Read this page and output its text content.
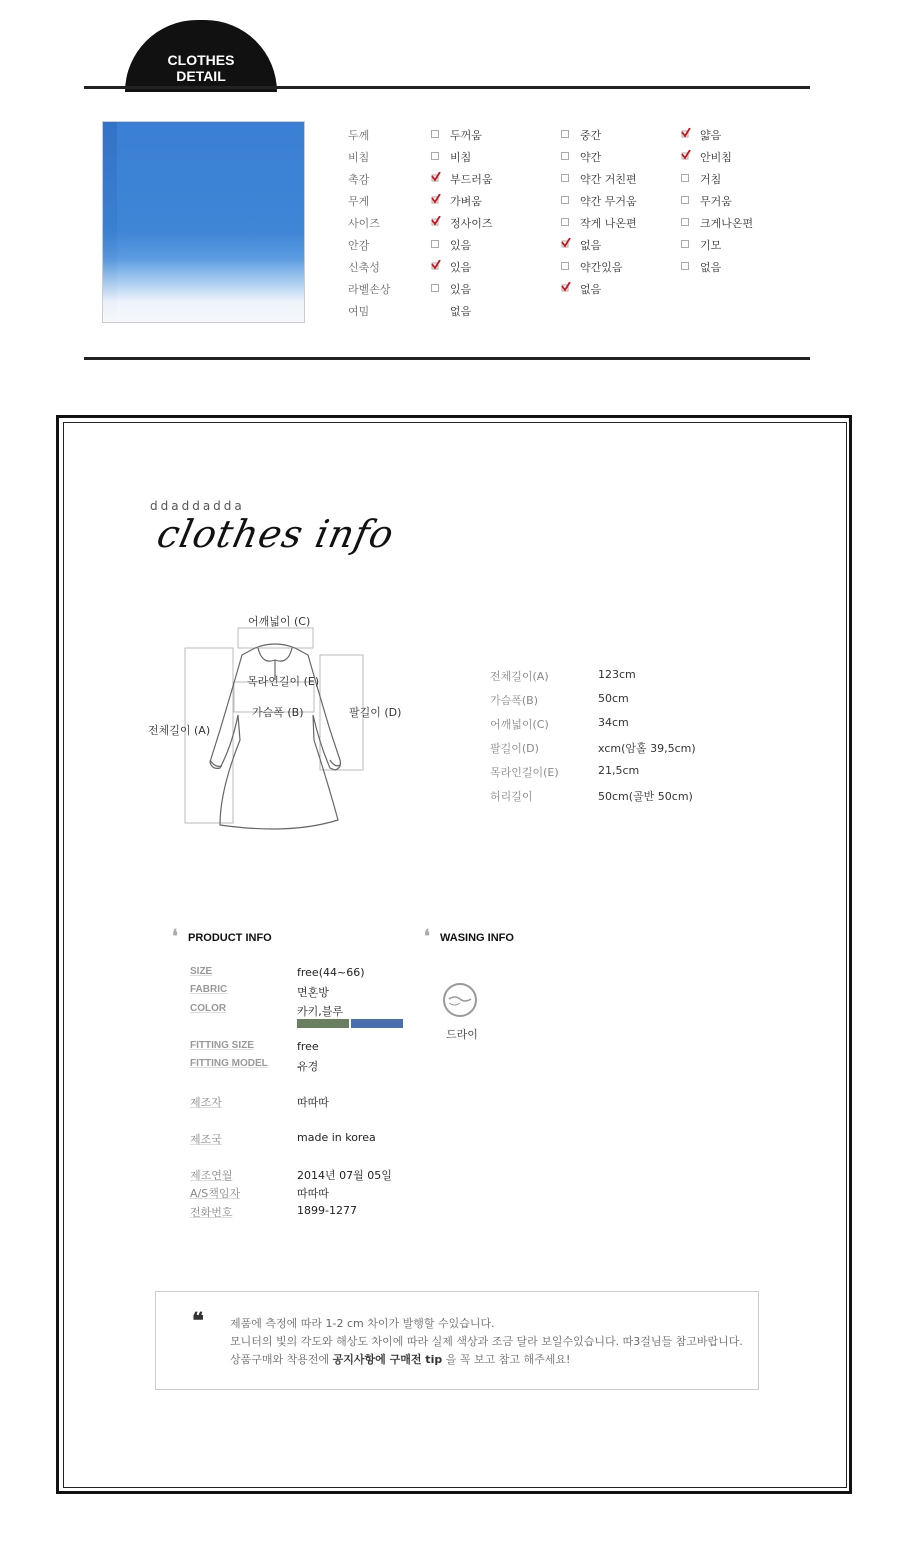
CLOTHES
DETAIL
두께	두꺼움	중간	얇음
비침	비침	약간	안비침
촉감	부드러움	약간 거친편	거침
무게	가벼움	약간 무거움	무거움
사이즈	정사이즈	작게 나온편	크게나온편
안감	있음	없음	기모
신축성	있음	약간있음	없음
라벨손상	있음	없음
여밈	없음
ddaddadda
clothes info
어깨넓이 (C)
목라인길이 (E)
가슴폭 (B)	팔길이 (D)
전체길이 (A)
전체길이(A)	123cm
가슴폭(B)	50cm
어깨넓이(C)	34cm
팔길이(D)	xcm(암홀 39,5cm)
목라인길이(E)	21,5cm
허리길이	50cm(골반 50cm)
❛ PRODUCT INFO
SIZE	free(44~66)
FABRIC	면혼방
COLOR	카키,블루
FITTING SIZE	free
FITTING MODEL	유경
제조자	따따따
제조국	made in korea
제조연월	2014년 07월 05일
A/S책임자	따따따
전화번호	1899-1277
❛ WASING INFO
드라이
❝ 제품에 측정에 따라 1-2 cm 차이가 발행할 수있습니다.
모니터의 빛의 각도와 해상도 차이에 따라 실제 색상과 조금 달라 보일수있습니다. 따3걸님들 참고바랍니다.
상품구매와 착용전에 공지사항에 구매전 tip 을 꼭 보고 참고 해주세요!
